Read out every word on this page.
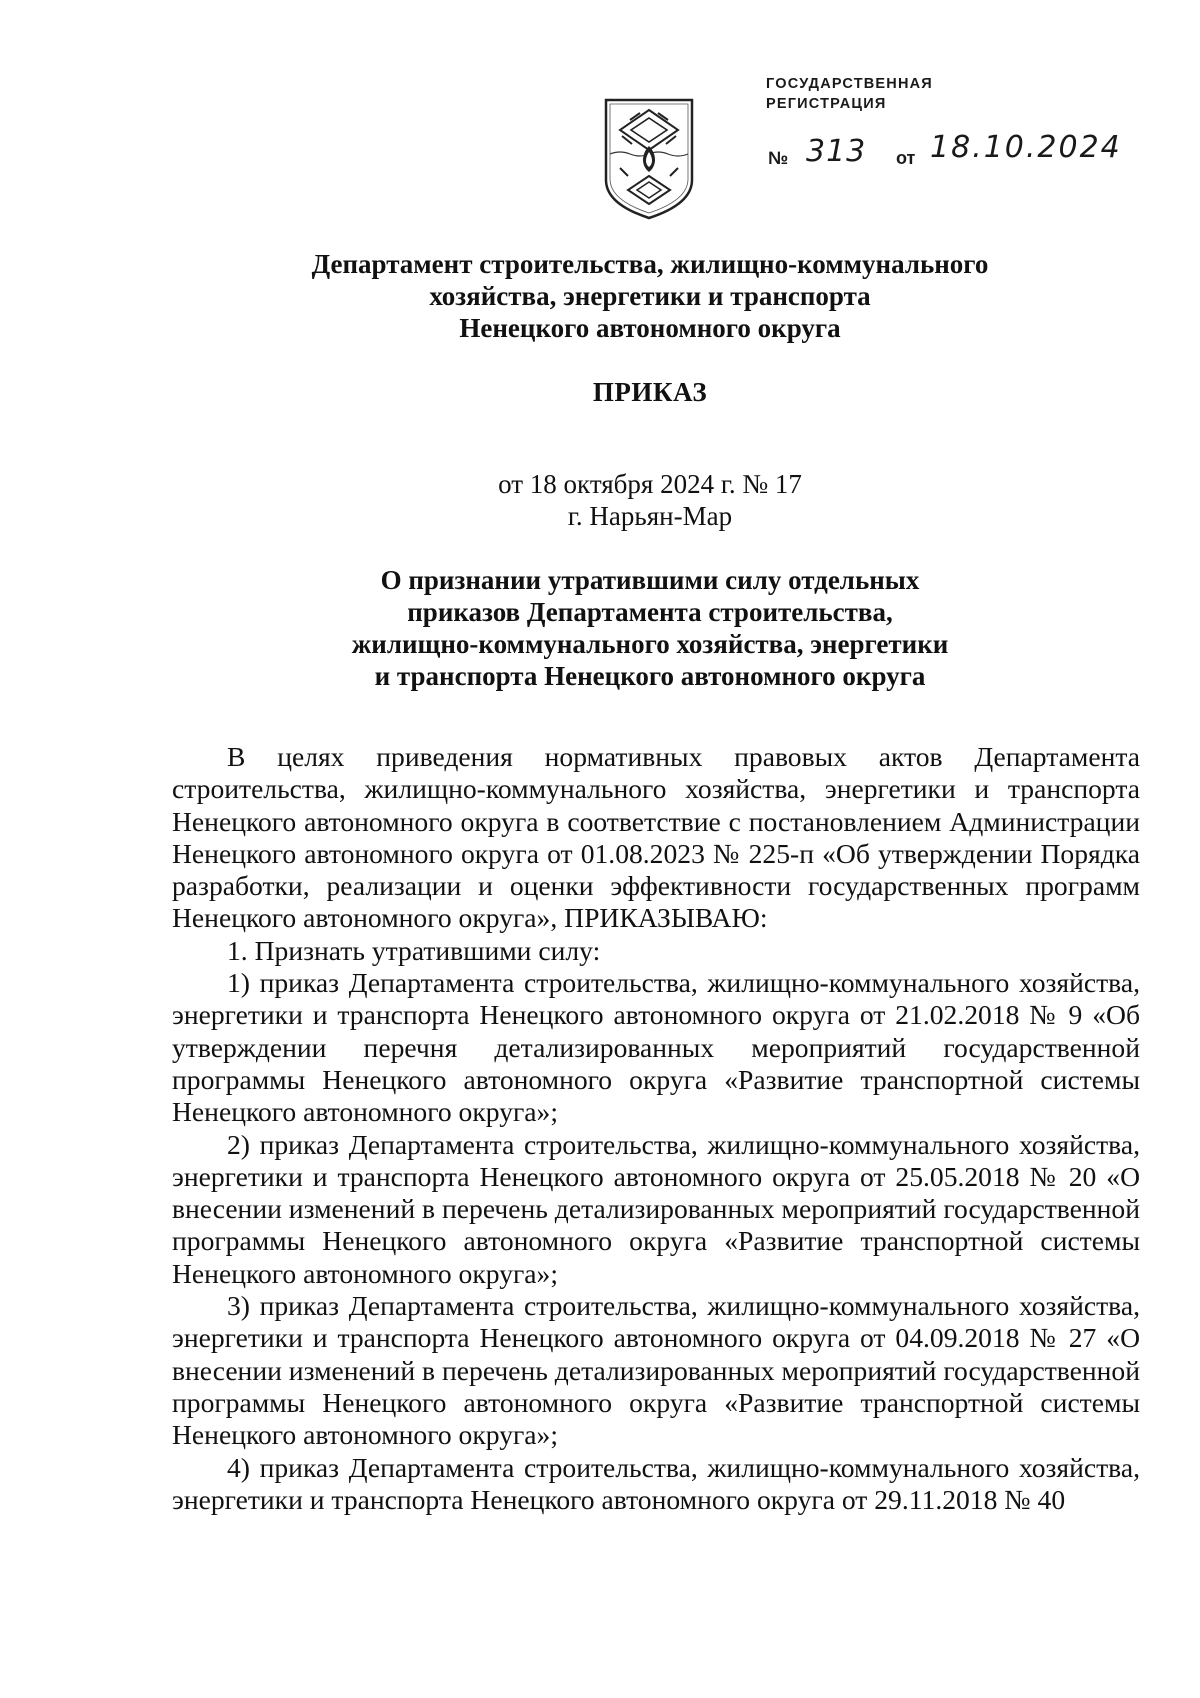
ГОСУДАРСТВЕННАЯ
РЕГИСТРАЦИЯ
№ 313 от 18.10.2024
Департамент строительства, жилищно-коммунального
хозяйства, энергетики и транспорта
Ненецкого автономного округа
ПРИКАЗ
от 18 октября 2024 г. № 17
г. Нарьян-Мар
О признании утратившими силу отдельных
приказов Департамента строительства,
жилищно-коммунального хозяйства, энергетики
и транспорта Ненецкого автономного округа

В целях приведения нормативных правовых актов Департамента строительства, жилищно-коммунального хозяйства, энергетики и транспорта Ненецкого автономного округа в соответствие с постановлением Администрации Ненецкого автономного округа от 01.08.2023 № 225-п «Об утверждении Порядка разработки, реализации и оценки эффективности государственных программ Ненецкого автономного округа», ПРИКАЗЫВАЮ:

1. Признать утратившими силу:

1) приказ Департамента строительства, жилищно-коммунального хозяйства, энергетики и транспорта Ненецкого автономного округа от 21.02.2018 № 9 «Об утверждении перечня детализированных мероприятий государственной программы Ненецкого автономного округа «Развитие транспортной системы Ненецкого автономного округа»;

2) приказ Департамента строительства, жилищно-коммунального хозяйства, энергетики и транспорта Ненецкого автономного округа от 25.05.2018 № 20 «О внесении изменений в перечень детализированных мероприятий государственной программы Ненецкого автономного округа «Развитие транспортной системы Ненецкого автономного округа»;

3) приказ Департамента строительства, жилищно-коммунального хозяйства, энергетики и транспорта Ненецкого автономного округа от 04.09.2018 № 27 «О внесении изменений в перечень детализированных мероприятий государственной программы Ненецкого автономного округа «Развитие транспортной системы Ненецкого автономного округа»;

4) приказ Департамента строительства, жилищно-коммунального хозяйства, энергетики и транспорта Ненецкого автономного округа от 29.11.2018 № 40
